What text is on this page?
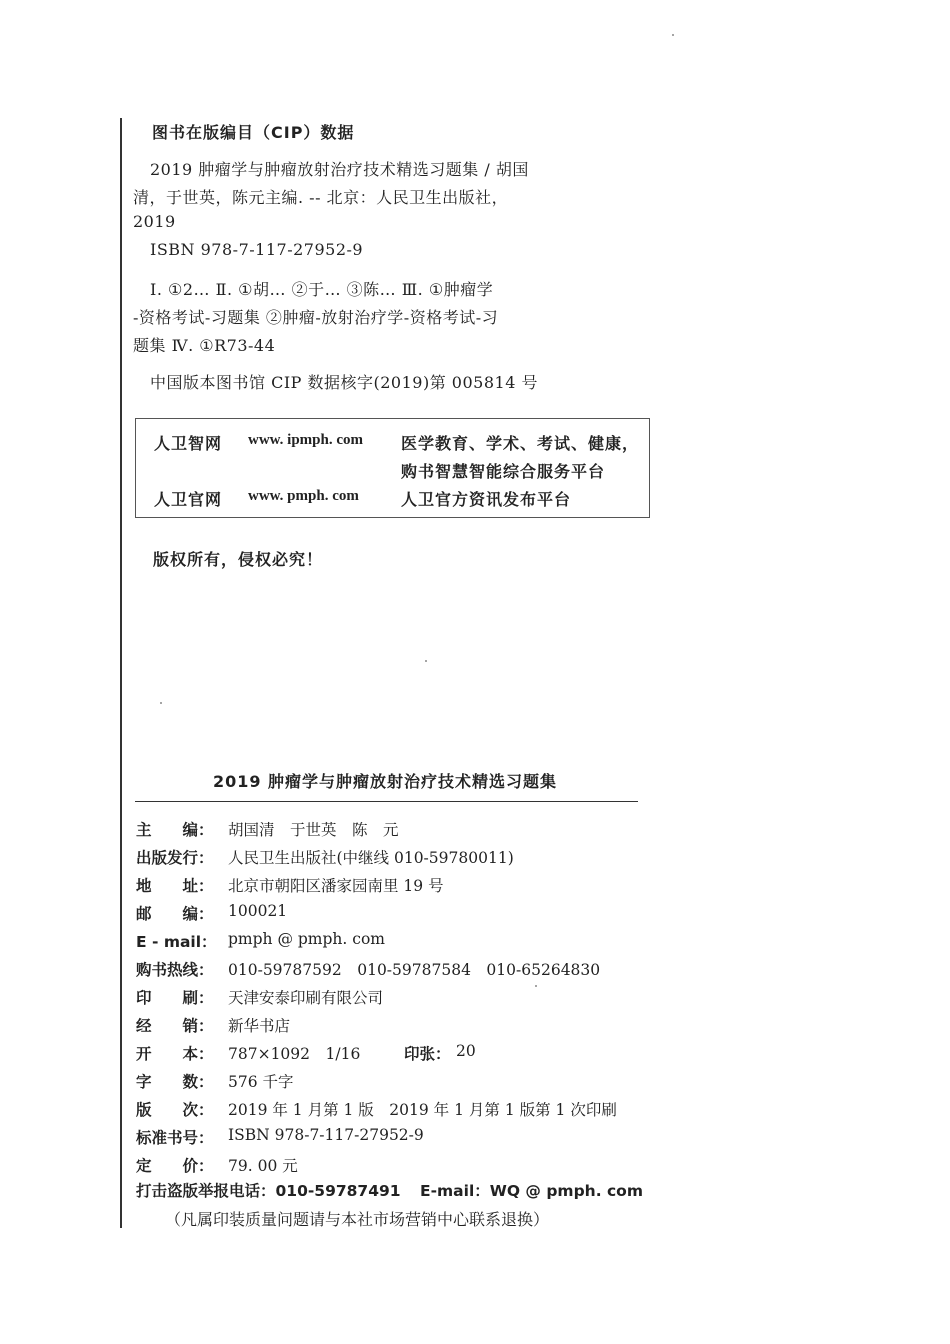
图书在版编目（CIP）数据
2019 肿瘤学与肿瘤放射治疗技术精选习题集 / 胡国
清，于世英，陈元主编. -- 北京：人民卫生出版社，
2019
ISBN 978-7-117-27952-9
Ⅰ. ①2… Ⅱ. ①胡… ②于… ③陈… Ⅲ. ①肿瘤学
-资格考试-习题集 ②肿瘤-放射治疗学-资格考试-习
题集 Ⅳ. ①R73-44
中国版本图书馆 CIP 数据核字(2019)第 005814 号
人卫智网 www. ipmph. com 医学教育、学术、考试、健康，
购书智慧智能综合服务平台
人卫官网 www. pmph. com	人卫官方资讯发布平台
版权所有，侵权必究！
2019 肿瘤学与肿瘤放射治疗技术精选习题集
主　　编： 胡国清　于世英　陈　元
出版发行： 人民卫生出版社(中继线 010-59780011)
地　　址： 北京市朝阳区潘家园南里 19 号
邮　　编： 100021
E - mail： pmph @ pmph. com
购书热线： 010-59787592　010-59787584　010-65264830
印　　刷： 天津安泰印刷有限公司
经　　销： 新华书店
开　　本： 787×1092　1/16	印张： 20
字　　数： 576 千字
版　　次： 2019 年 1 月第 1 版　2019 年 1 月第 1 版第 1 次印刷
标准书号： ISBN 978-7-117-27952-9
定　　价： 79. 00 元
打击盗版举报电话：010-59787491 E-mail：WQ @ pmph. com
（凡属印装质量问题请与本社市场营销中心联系退换）
